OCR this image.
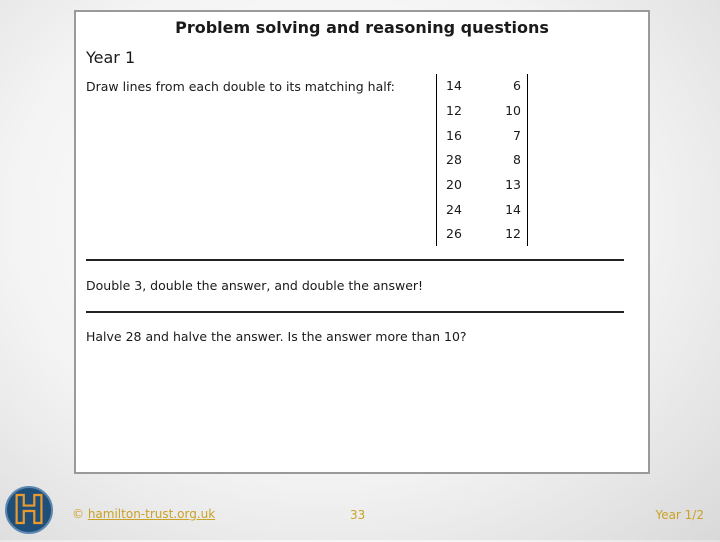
Problem solving and reasoning questions
Year 1
Draw lines from each double to its matching half:	14	6
12	10
16	7
28	8
20	13
24	14
26	12
Double 3, double the answer, and double the answer!
Halve 28 and halve the answer. Is the answer more than 10?
H © hamilton-trust.org.uk	33	Year 1/2
